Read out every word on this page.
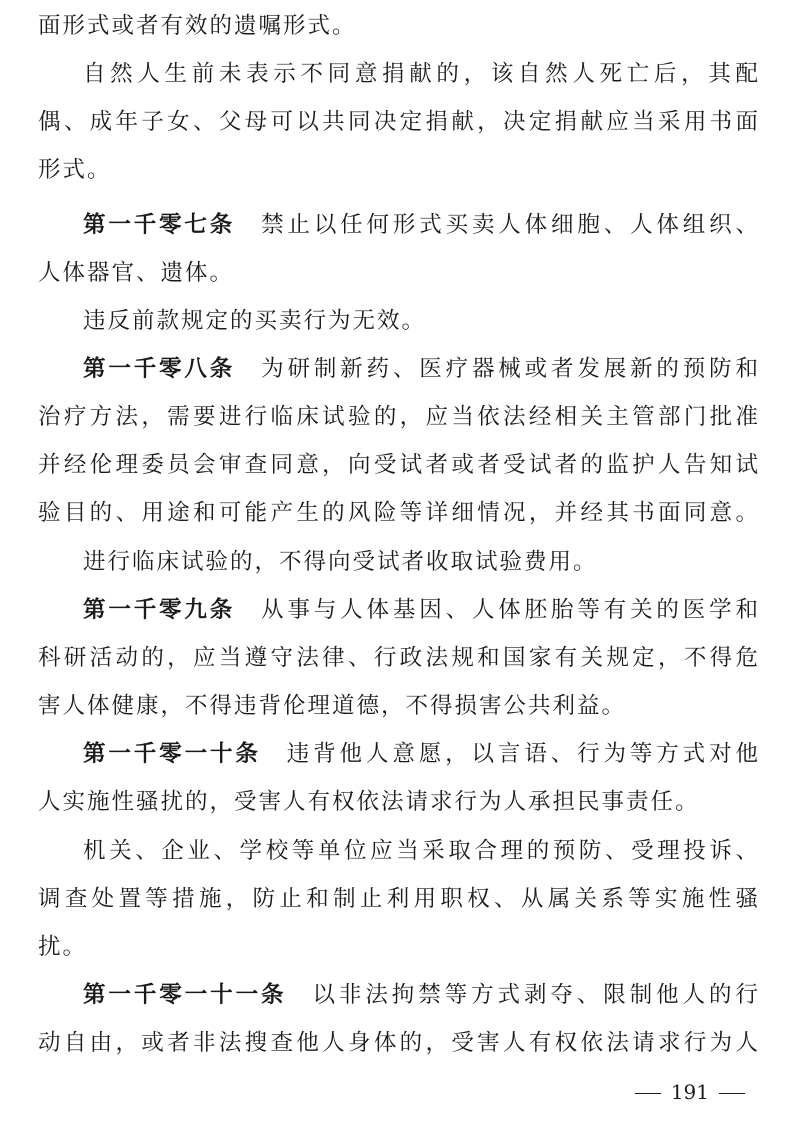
面形式或者有效的遗嘱形式。
自然人生前未表示不同意捐献的，该自然人死亡后，其配
偶、成年子女、父母可以共同决定捐献，决定捐献应当采用书面
形式。
第一千零七条 禁止以任何形式买卖人体细胞、人体组织、
人体器官、遗体。
违反前款规定的买卖行为无效。
第一千零八条 为研制新药、医疗器械或者发展新的预防和
治疗方法，需要进行临床试验的，应当依法经相关主管部门批准
并经伦理委员会审查同意，向受试者或者受试者的监护人告知试
验目的、用途和可能产生的风险等详细情况，并经其书面同意。
进行临床试验的，不得向受试者收取试验费用。
第一千零九条 从事与人体基因、人体胚胎等有关的医学和
科研活动的，应当遵守法律、行政法规和国家有关规定，不得危
害人体健康，不得违背伦理道德，不得损害公共利益。
第一千零一十条 违背他人意愿，以言语、行为等方式对他
人实施性骚扰的，受害人有权依法请求行为人承担民事责任。
机关、企业、学校等单位应当采取合理的预防、受理投诉、
调查处置等措施，防止和制止利用职权、从属关系等实施性骚
扰。
第一千零一十一条 以非法拘禁等方式剥夺、限制他人的行
动自由，或者非法搜查他人身体的，受害人有权依法请求行为人
191
